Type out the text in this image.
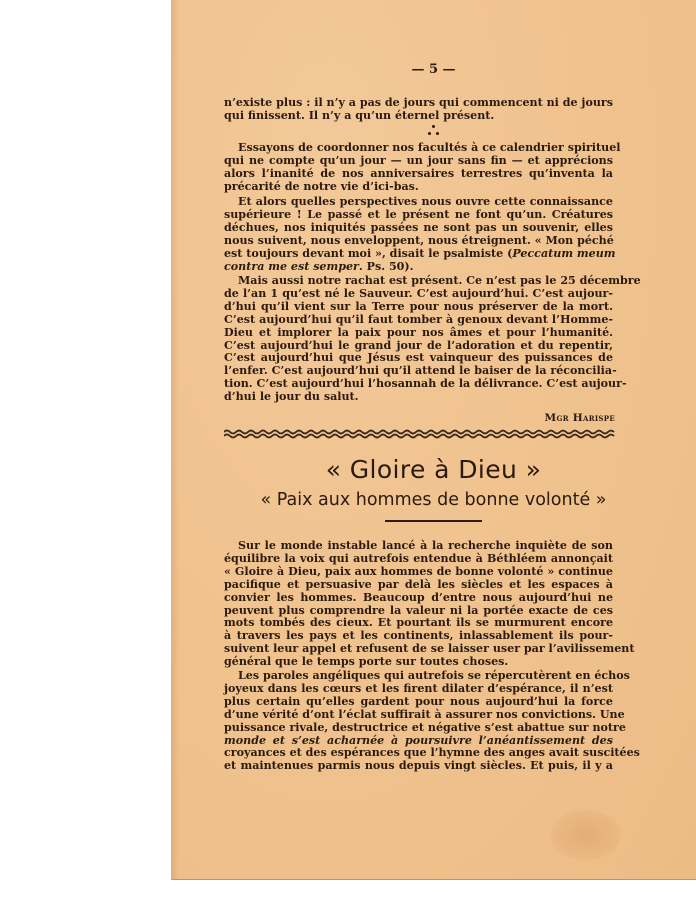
— 5 —
n’existe plus : il n’y a pas de jours qui commencent ni de jours
qui finissent. Il n’y a qu’un éternel présent.
Essayons de coordonner nos facultés à ce calendrier spirituel
qui ne compte qu’un jour — un jour sans fin — et apprécions
alors l’inanité de nos anniversaires terrestres qu’inventa la
précarité de notre vie d’ici-bas.
Et alors quelles perspectives nous ouvre cette connaissance
supérieure ! Le passé et le présent ne font qu’un. Créatures
déchues, nos iniquités passées ne sont pas un souvenir, elles
nous suivent, nous enveloppent, nous étreignent. « Mon péché
est toujours devant moi », disait le psalmiste (Peccatum meum
contra me est semper. Ps. 50).
Mais aussi notre rachat est présent. Ce n’est pas le 25 décembre
de l’an 1 qu’est né le Sauveur. C’est aujourd’hui. C’est aujour-
d’hui qu’il vient sur la Terre pour nous préserver de la mort.
C’est aujourd’hui qu’il faut tomber à genoux devant l’Homme-
Dieu et implorer la paix pour nos âmes et pour l’humanité.
C’est aujourd’hui le grand jour de l’adoration et du repentir,
C’est aujourd’hui que Jésus est vainqueur des puissances de
l’enfer. C’est aujourd’hui qu’il attend le baiser de la réconcilia-
tion. C’est aujourd’hui l’hosannah de la délivrance. C’est aujour-
d’hui le jour du salut.
Mgr Harispe
« Gloire à Dieu »
« Paix aux hommes de bonne volonté »
Sur le monde instable lancé à la recherche inquiète de son
équilibre la voix qui autrefois entendue à Béthléem annonçait
« Gloire à Dieu, paix aux hommes de bonne volonté » continue
pacifique et persuasive par delà les siècles et les espaces à
convier les hommes. Beaucoup d’entre nous aujourd’hui ne
peuvent plus comprendre la valeur ni la portée exacte de ces
mots tombés des cieux. Et pourtant ils se murmurent encore
à travers les pays et les continents, inlassablement ils pour-
suivent leur appel et refusent de se laisser user par l’avilissement
général que le temps porte sur toutes choses.
Les paroles angéliques qui autrefois se répercutèrent en échos
joyeux dans les cœurs et les firent dilater d’espérance, il n’est
plus certain qu’elles gardent pour nous aujourd’hui la force
d’une vérité d’ont l’éclat suffirait à assurer nos convictions. Une
puissance rivale, destructrice et négative s’est abattue sur notre
monde et s’est acharnée à poursuivre l’anéantissement des
croyances et des espérances que l’hymne des anges avait suscitées
et maintenues parmis nous depuis vingt siècles. Et puis, il y a
